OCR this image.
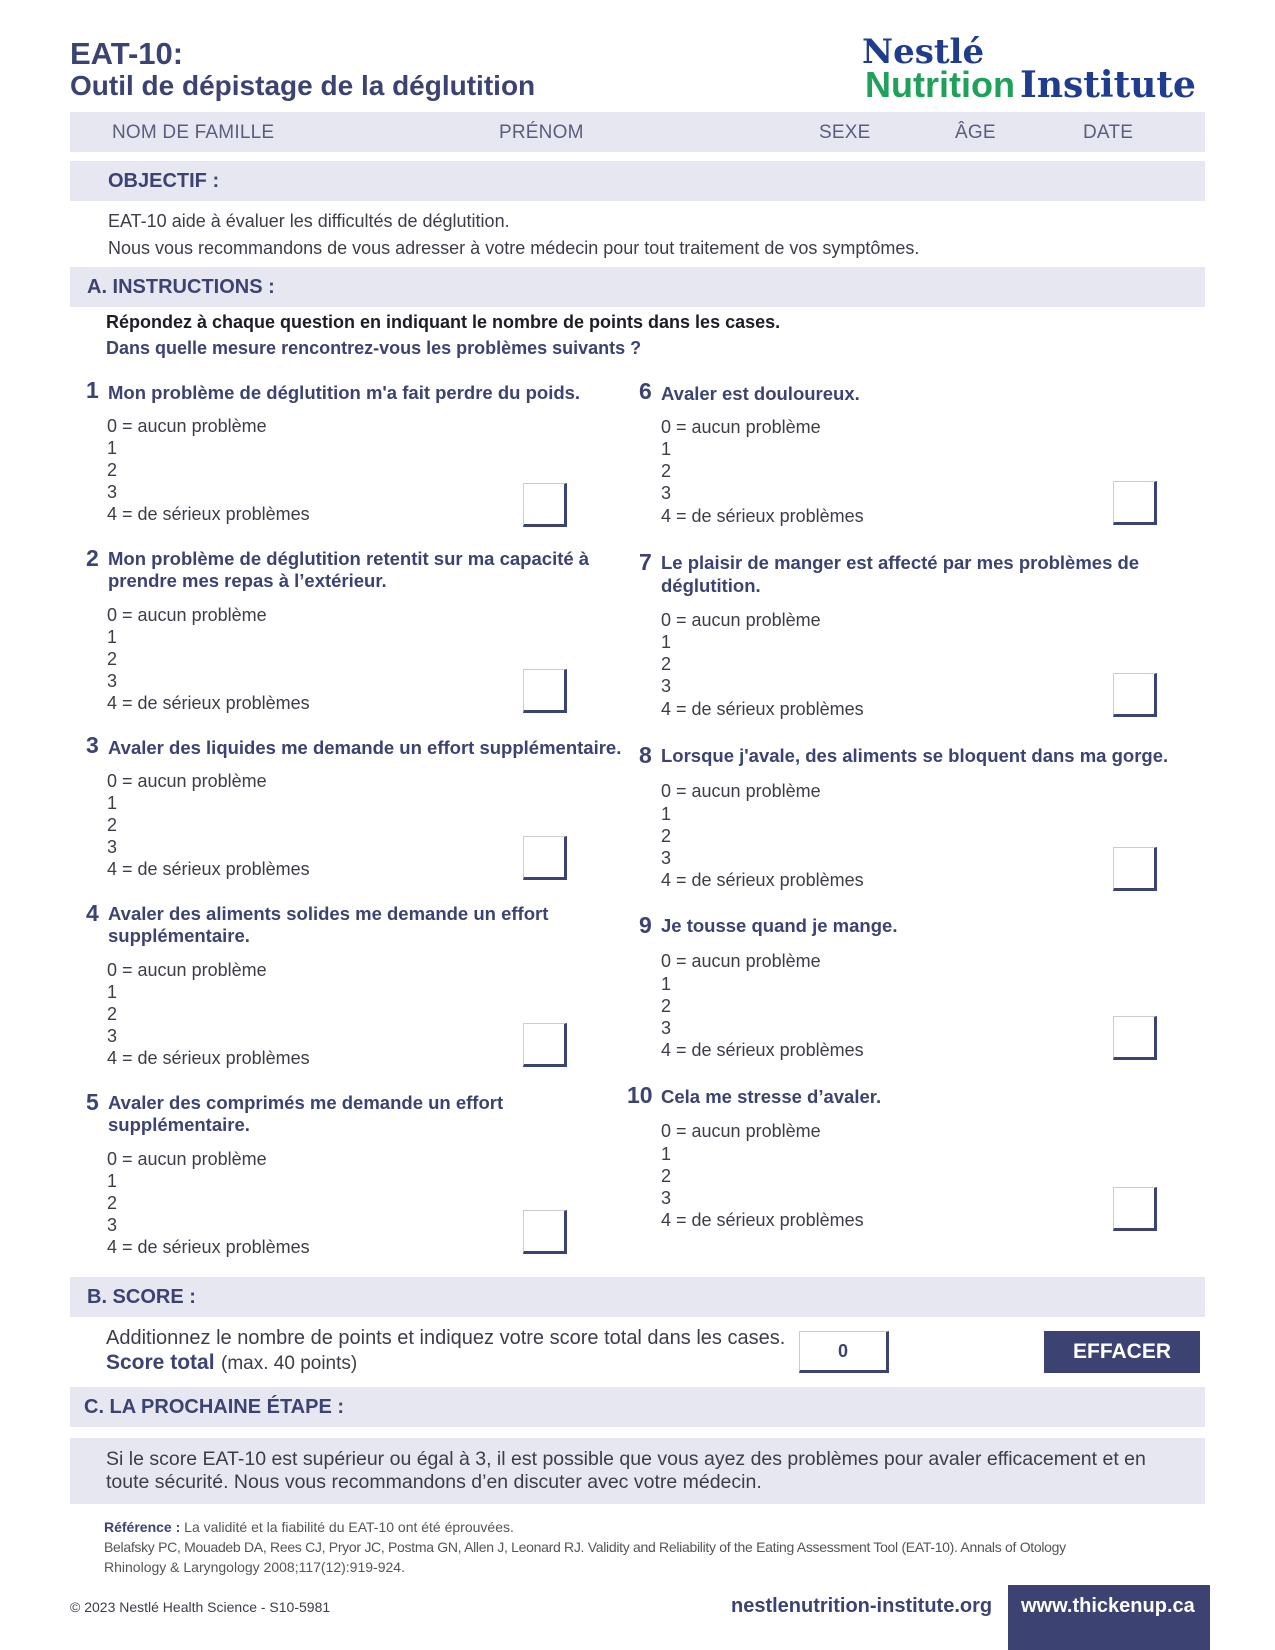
EAT-10:
Outil de dépistage de la déglutition
Nestlé
Nutrition Institute
NOM DE FAMILLE	PRÉNOM	SEXE	ÂGE	DATE
OBJECTIF :
EAT-10 aide à évaluer les difficultés de déglutition.
Nous vous recommandons de vous adresser à votre médecin pour tout traitement de vos symptômes.
A. INSTRUCTIONS :
Répondez à chaque question en indiquant le nombre de points dans les cases.
Dans quelle mesure rencontrez-vous les problèmes suivants ?
1 Mon problème de déglutition m'a fait perdre du poids.
0 = aucun problème
1
2
3
4 = de sérieux problèmes
2 Mon problème de déglutition retentit sur ma capacité à
prendre mes repas à l’extérieur.
0 = aucun problème
1
2
3
4 = de sérieux problèmes
3 Avaler des liquides me demande un effort supplémentaire.
0 = aucun problème
1
2
3
4 = de sérieux problèmes
4 Avaler des aliments solides me demande un effort
supplémentaire.
0 = aucun problème
1
2
3
4 = de sérieux problèmes
5 Avaler des comprimés me demande un effort
supplémentaire.
0 = aucun problème
1
2
3
4 = de sérieux problèmes
6 Avaler est douloureux.
0 = aucun problème
1
2
3
4 = de sérieux problèmes
7 Le plaisir de manger est affecté par mes problèmes de
déglutition.
0 = aucun problème
1
2
3
4 = de sérieux problèmes
8 Lorsque j'avale, des aliments se bloquent dans ma gorge.
0 = aucun problème
1
2
3
4 = de sérieux problèmes
9 Je tousse quand je mange.
0 = aucun problème
1
2
3
4 = de sérieux problèmes
10 Cela me stresse d’avaler.
0 = aucun problème
1
2
3
4 = de sérieux problèmes
B. SCORE :
Additionnez le nombre de points et indiquez votre score total dans les cases.
Score total (max. 40 points)
0	EFFACER
C. LA PROCHAINE ÉTAPE :
Si le score EAT-10 est supérieur ou égal à 3, il est possible que vous ayez des problèmes pour avaler efficacement et en
toute sécurité. Nous vous recommandons d’en discuter avec votre médecin.
Référence : La validité et la fiabilité du EAT-10 ont été éprouvées.
Belafsky PC, Mouadeb DA, Rees CJ, Pryor JC, Postma GN, Allen J, Leonard RJ. Validity and Reliability of the Eating Assessment Tool (EAT-10). Annals of Otology
Rhinology & Laryngology 2008;117(12):919-924.
© 2023 Nestlé Health Science - S10-5981	nestlenutrition-institute.org www.thickenup.ca
